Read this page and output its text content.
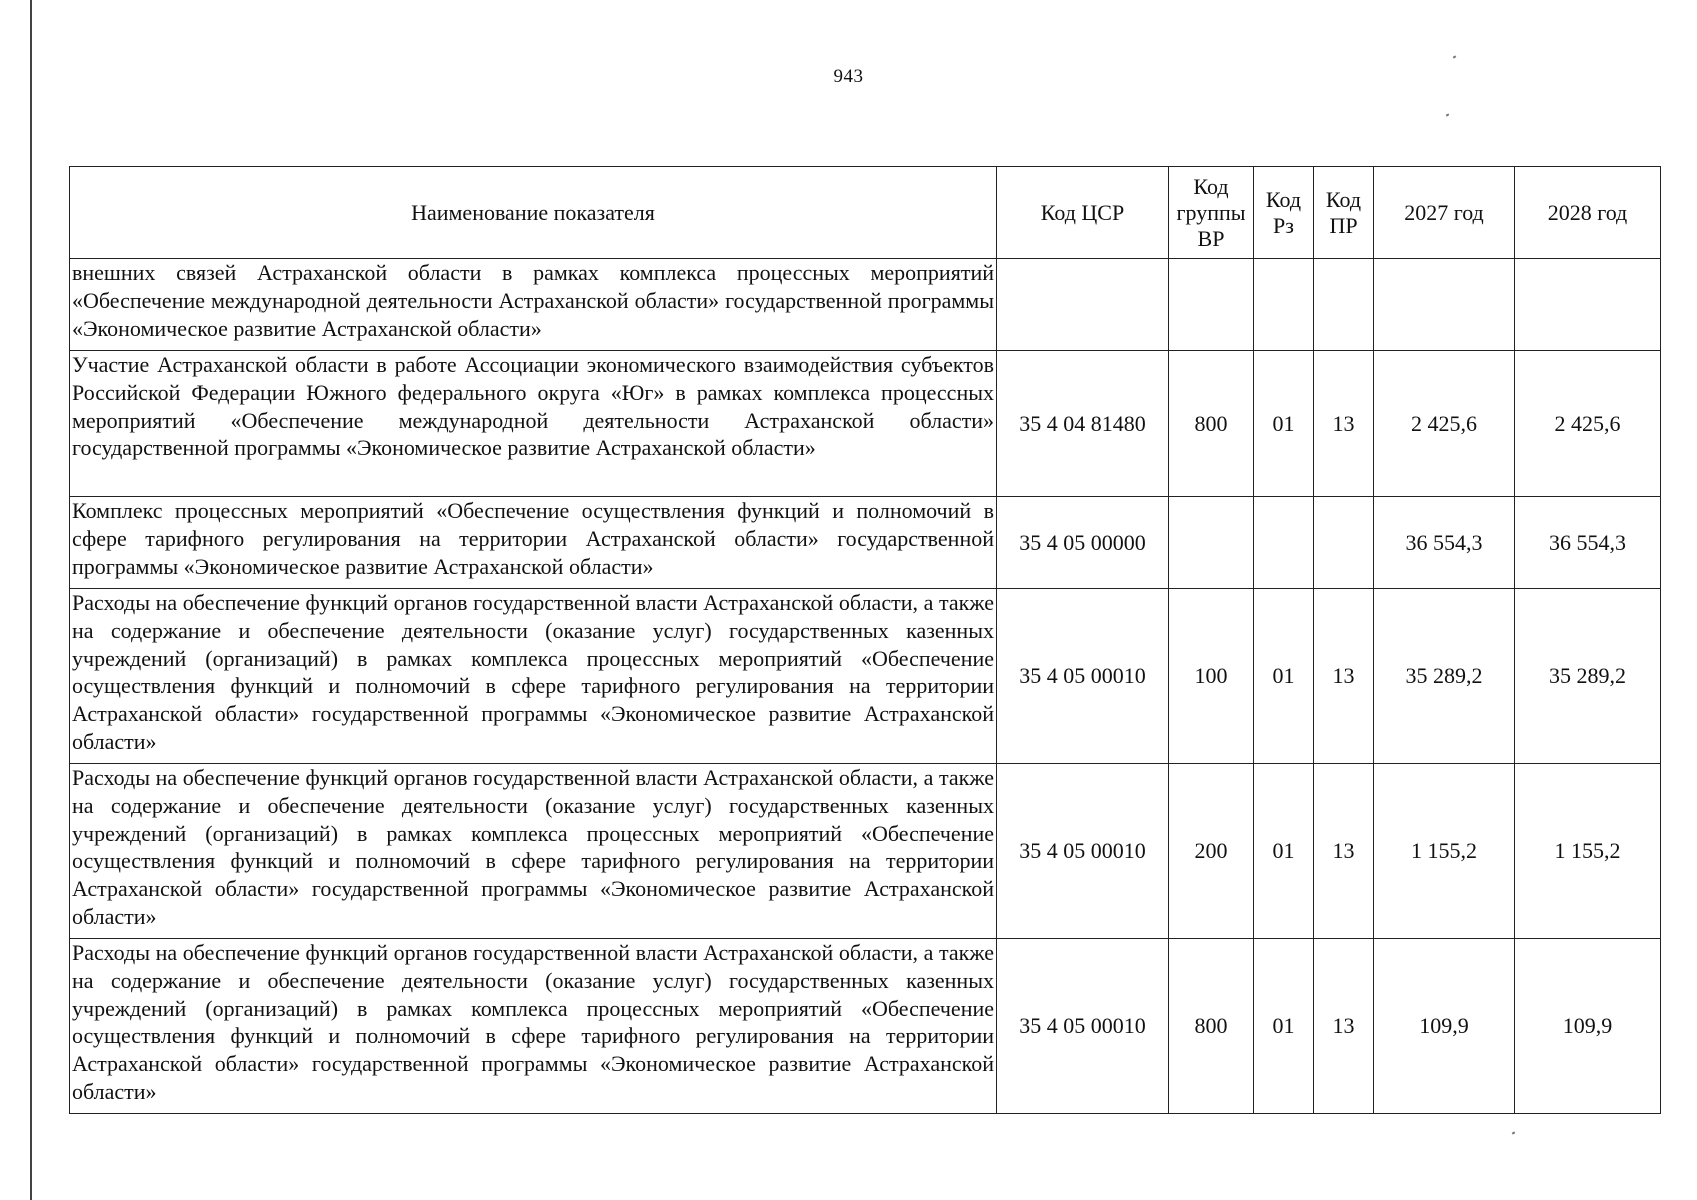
943
Наименование показателя	Код ЦСР	Код группы ВР	Код Рз	Код ПР	2027 год	2028 год
внешних связей Астраханской области в рамках комплекса процессных мероприятий «Обеспечение международной деятельности Астраханской области» государственной программы «Экономическое развитие Астраханской области»						
Участие Астраханской области в работе Ассоциации экономического взаимодействия субъектов Российской Федерации Южного федерального округа «Юг» в рамках комплекса процессных мероприятий «Обеспечение международной деятельности Астраханской области» государственной программы «Экономическое развитие Астраханской области»	35 4 04 81480	800	01	13	2 425,6	2 425,6
Комплекс процессных мероприятий «Обеспечение осуществления функций и полномочий в сфере тарифного регулирования на территории Астраханской области» государственной программы «Экономическое развитие Астраханской области»	35 4 05 00000				36 554,3	36 554,3
Расходы на обеспечение функций органов государственной власти Астраханской области, а также на содержание и обеспечение деятельности (оказание услуг) государственных казенных учреждений (организаций) в рамках комплекса процессных мероприятий «Обеспечение осуществления функций и полномочий в сфере тарифного регулирования на территории Астраханской области» государственной программы «Экономическое развитие Астраханской области»	35 4 05 00010	100	01	13	35 289,2	35 289,2
Расходы на обеспечение функций органов государственной власти Астраханской области, а также на содержание и обеспечение деятельности (оказание услуг) государственных казенных учреждений (организаций) в рамках комплекса процессных мероприятий «Обеспечение осуществления функций и полномочий в сфере тарифного регулирования на территории Астраханской области» государственной программы «Экономическое развитие Астраханской области»	35 4 05 00010	200	01	13	1 155,2	1 155,2
Расходы на обеспечение функций органов государственной власти Астраханской области, а также на содержание и обеспечение деятельности (оказание услуг) государственных казенных учреждений (организаций) в рамках комплекса процессных мероприятий «Обеспечение осуществления функций и полномочий в сфере тарифного регулирования на территории Астраханской области» государственной программы «Экономическое развитие Астраханской области»	35 4 05 00010	800	01	13	109,9	109,9
